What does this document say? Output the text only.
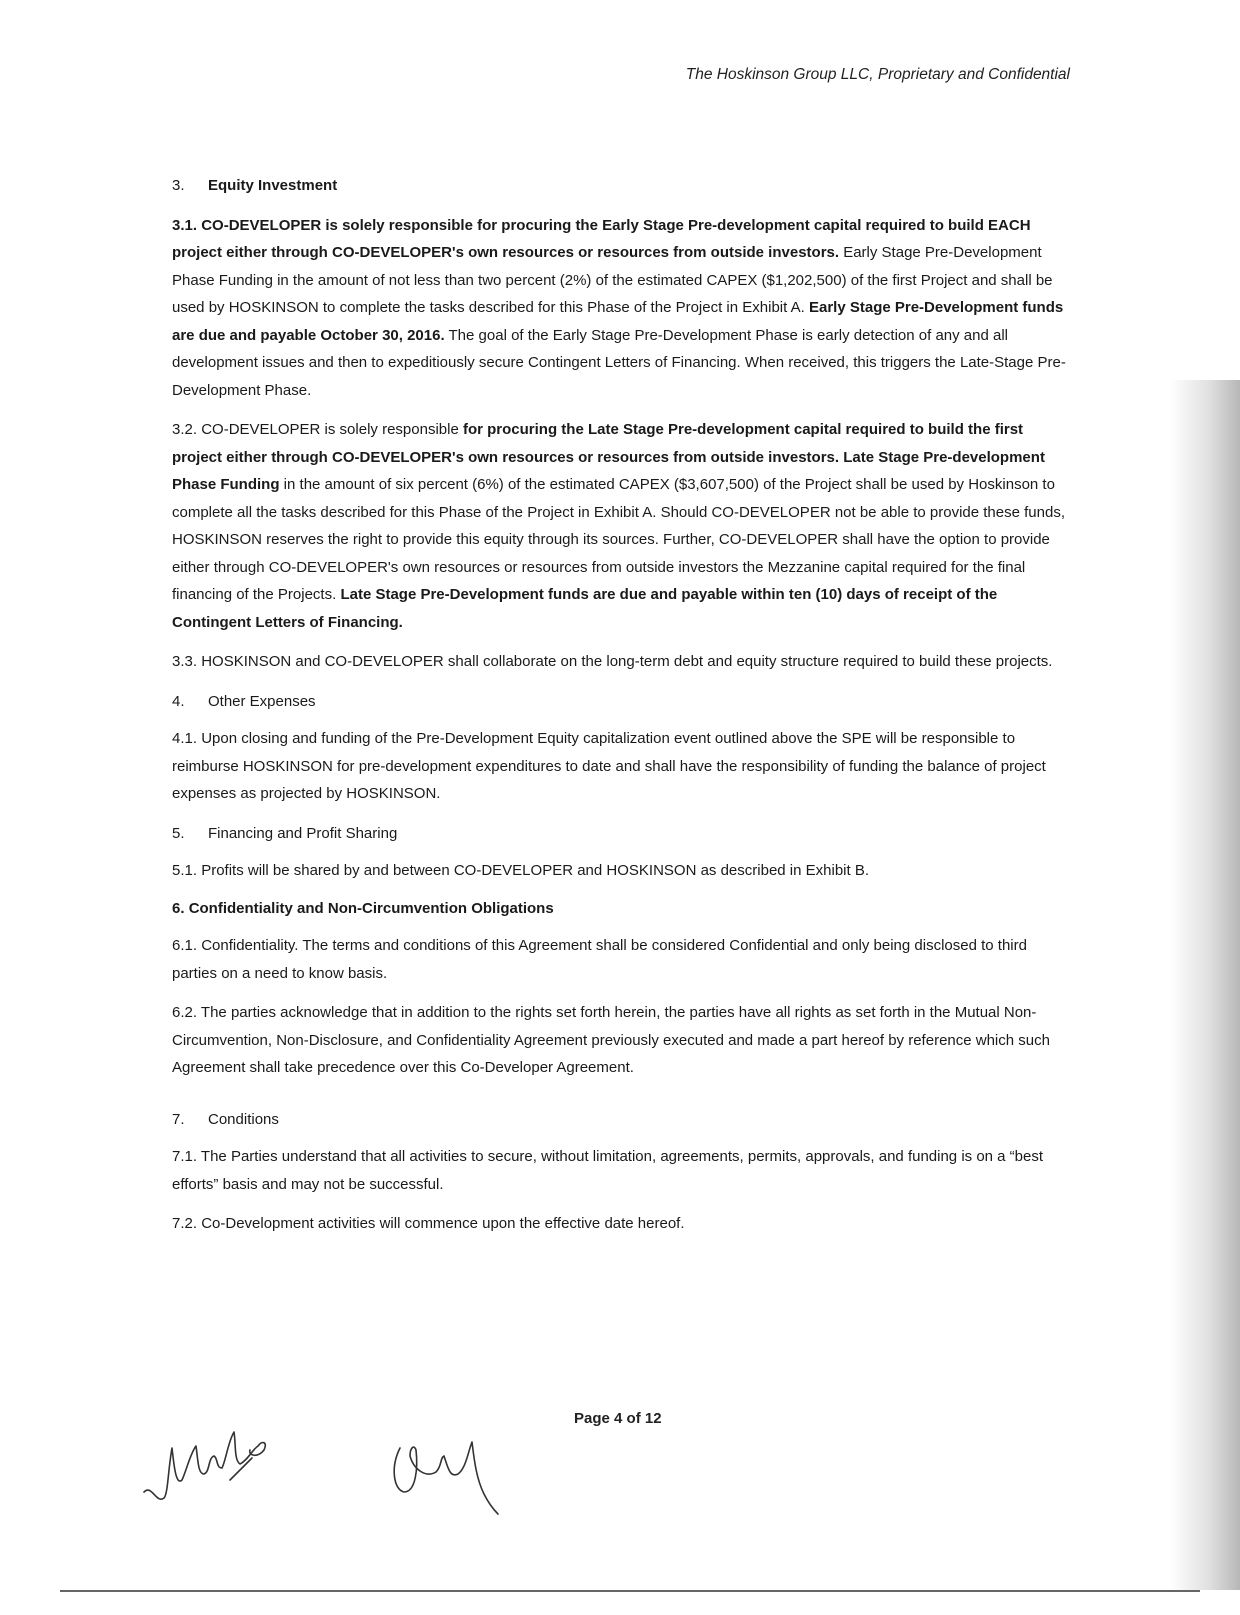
The Hoskinson Group LLC, Proprietary and Confidential

3. Equity Investment

3.1. CO-DEVELOPER is solely responsible for procuring the Early Stage Pre-development capital required to build EACH project either through CO-DEVELOPER's own resources or resources from outside investors. Early Stage Pre-Development Phase Funding in the amount of not less than two percent (2%) of the estimated CAPEX ($1,202,500) of the first Project and shall be used by HOSKINSON to complete the tasks described for this Phase of the Project in Exhibit A. Early Stage Pre-Development funds are due and payable October 30, 2016. The goal of the Early Stage Pre-Development Phase is early detection of any and all development issues and then to expeditiously secure Contingent Letters of Financing. When received, this triggers the Late-Stage Pre-Development Phase.

3.2. CO-DEVELOPER is solely responsible for procuring the Late Stage Pre-development capital required to build the first project either through CO-DEVELOPER's own resources or resources from outside investors. Late Stage Pre-development Phase Funding in the amount of six percent (6%) of the estimated CAPEX ($3,607,500) of the Project shall be used by Hoskinson to complete all the tasks described for this Phase of the Project in Exhibit A. Should CO-DEVELOPER not be able to provide these funds, HOSKINSON reserves the right to provide this equity through its sources. Further, CO-DEVELOPER shall have the option to provide either through CO-DEVELOPER's own resources or resources from outside investors the Mezzanine capital required for the final financing of the Projects. Late Stage Pre-Development funds are due and payable within ten (10) days of receipt of the Contingent Letters of Financing.

3.3. HOSKINSON and CO-DEVELOPER shall collaborate on the long-term debt and equity structure required to build these projects.

4. Other Expenses

4.1. Upon closing and funding of the Pre-Development Equity capitalization event outlined above the SPE will be responsible to reimburse HOSKINSON for pre-development expenditures to date and shall have the responsibility of funding the balance of project expenses as projected by HOSKINSON.

5. Financing and Profit Sharing

5.1. Profits will be shared by and between CO-DEVELOPER and HOSKINSON as described in Exhibit B.

6. Confidentiality and Non-Circumvention Obligations

6.1. Confidentiality. The terms and conditions of this Agreement shall be considered Confidential and only being disclosed to third parties on a need to know basis.

6.2. The parties acknowledge that in addition to the rights set forth herein, the parties have all rights as set forth in the Mutual Non-Circumvention, Non-Disclosure, and Confidentiality Agreement previously executed and made a part hereof by reference which such Agreement shall take precedence over this Co-Developer Agreement.

7. Conditions

7.1. The Parties understand that all activities to secure, without limitation, agreements, permits, approvals, and funding is on a “best efforts” basis and may not be successful.

7.2. Co-Development activities will commence upon the effective date hereof.

Page 4 of 12
